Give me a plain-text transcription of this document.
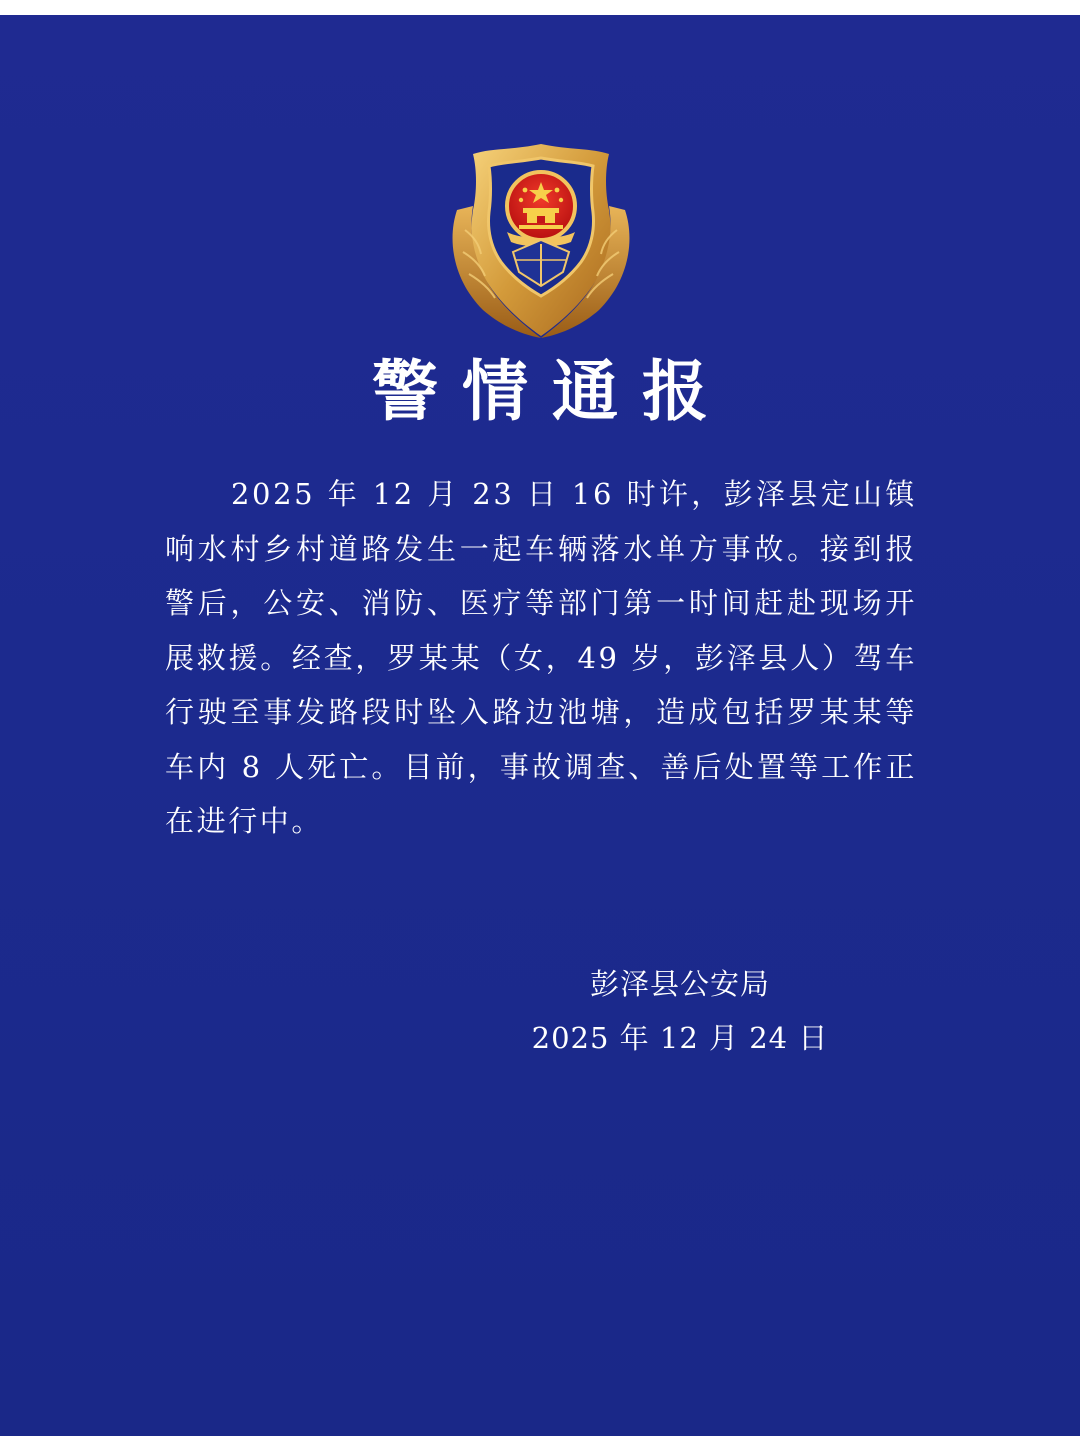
警情通报

2025 年 12 月 23 日 16 时许，彭泽县定山镇响水村乡村道路发生一起车辆落水单方事故。接到报警后，公安、消防、医疗等部门第一时间赶赴现场开展救援。经查，罗某某（女，49 岁，彭泽县人）驾车行驶至事发路段时坠入路边池塘，造成包括罗某某等车内 8 人死亡。目前，事故调查、善后处置等工作正在进行中。

彭泽县公安局
2025 年 12 月 24 日
